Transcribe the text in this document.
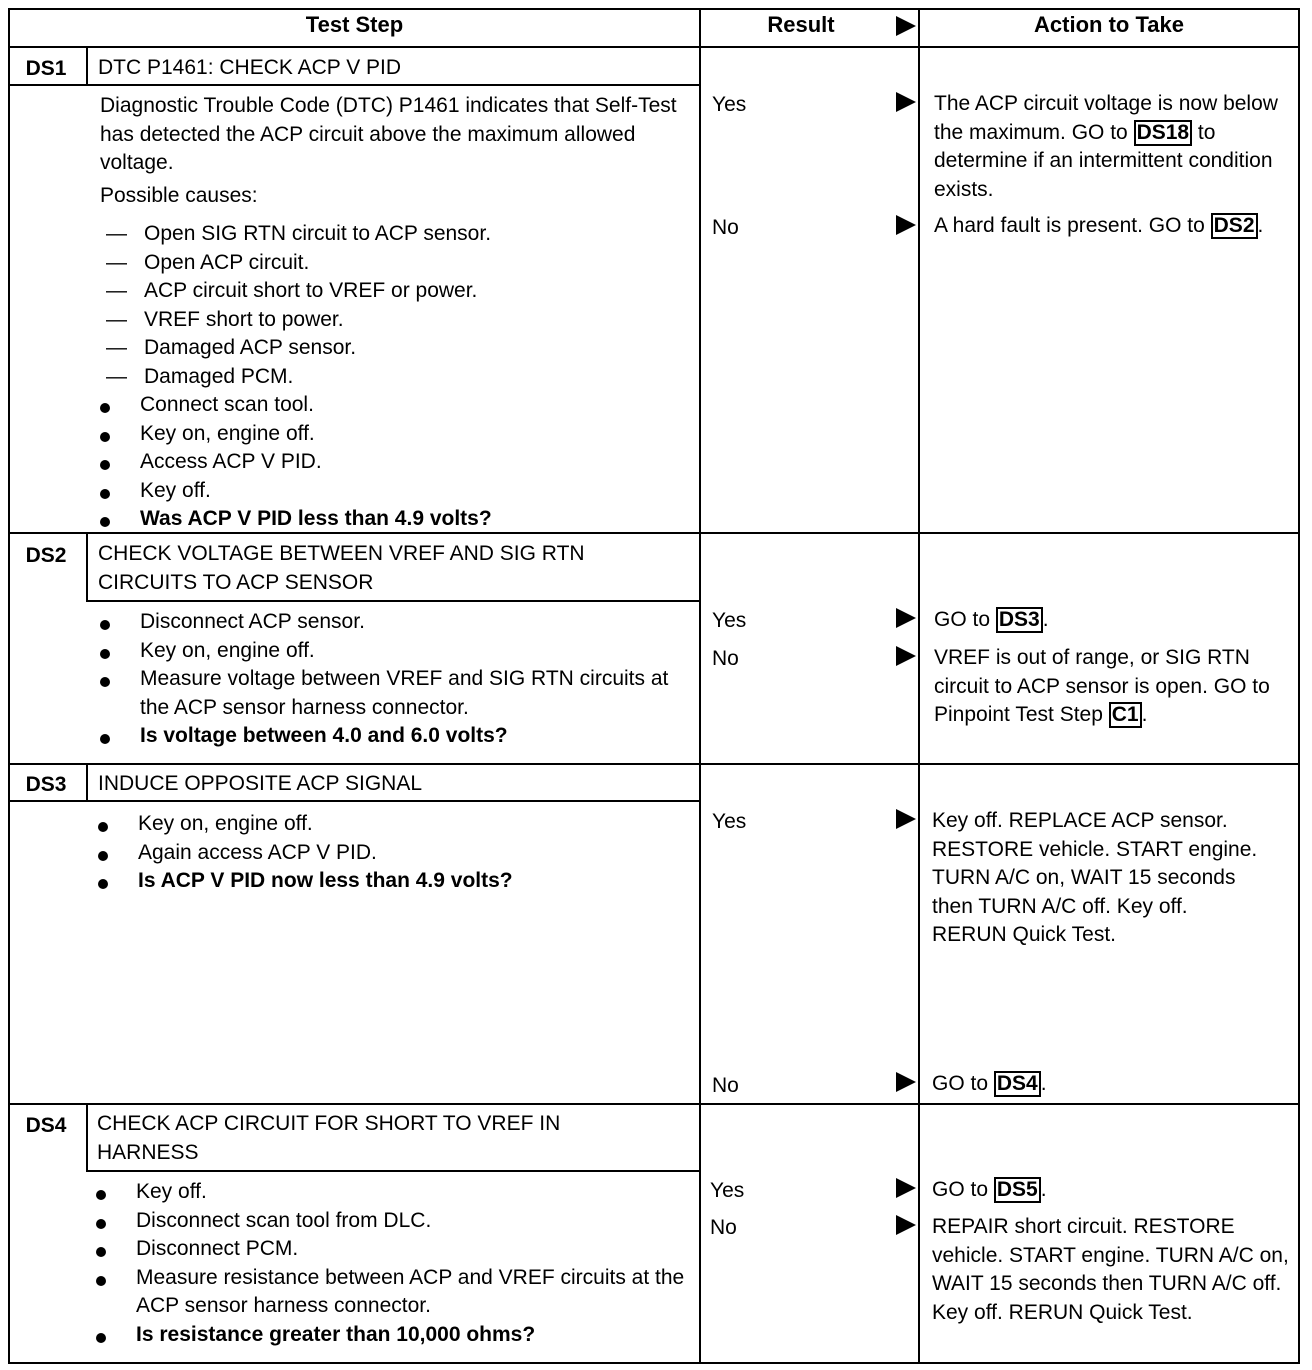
Test Step	Result	Action to Take
DS1	DTC P1461: CHECK ACP V PID
Diagnostic Trouble Code (DTC) P1461 indicates that Self-Test has detected the ACP circuit above the maximum allowed voltage.
Possible causes:
— Open SIG RTN circuit to ACP sensor.
— Open ACP circuit.
— ACP circuit short to VREF or power.
— VREF short to power.
— Damaged ACP sensor.
— Damaged PCM.
Connect scan tool.
Key on, engine off.
Access ACP V PID.
Key off.
Was ACP V PID less than 4.9 volts?
Yes	The ACP circuit voltage is now below the maximum. GO to DS18 to determine if an intermittent condition exists.
No	A hard fault is present. GO to DS2 .
DS2	CHECK VOLTAGE BETWEEN VREF AND SIG RTN CIRCUITS TO ACP SENSOR
Disconnect ACP sensor.
Key on, engine off.
Measure voltage between VREF and SIG RTN circuits at the ACP sensor harness connector.
Is voltage between 4.0 and 6.0 volts?
Yes	GO to DS3 .
No	VREF is out of range, or SIG RTN circuit to ACP sensor is open. GO to Pinpoint Test Step C1 .
DS3	INDUCE OPPOSITE ACP SIGNAL
Key on, engine off.
Again access ACP V PID.
Is ACP V PID now less than 4.9 volts?
Yes	Key off. REPLACE ACP sensor. RESTORE vehicle. START engine. TURN A/C on, WAIT 15 seconds then TURN A/C off. Key off. RERUN Quick Test.
No	GO to DS4 .
DS4	CHECK ACP CIRCUIT FOR SHORT TO VREF IN HARNESS
Key off.
Disconnect scan tool from DLC.
Disconnect PCM.
Measure resistance between ACP and VREF circuits at the ACP sensor harness connector.
Is resistance greater than 10,000 ohms?
Yes	GO to DS5 .
No	REPAIR short circuit. RESTORE vehicle. START engine. TURN A/C on, WAIT 15 seconds then TURN A/C off. Key off. RERUN Quick Test.
